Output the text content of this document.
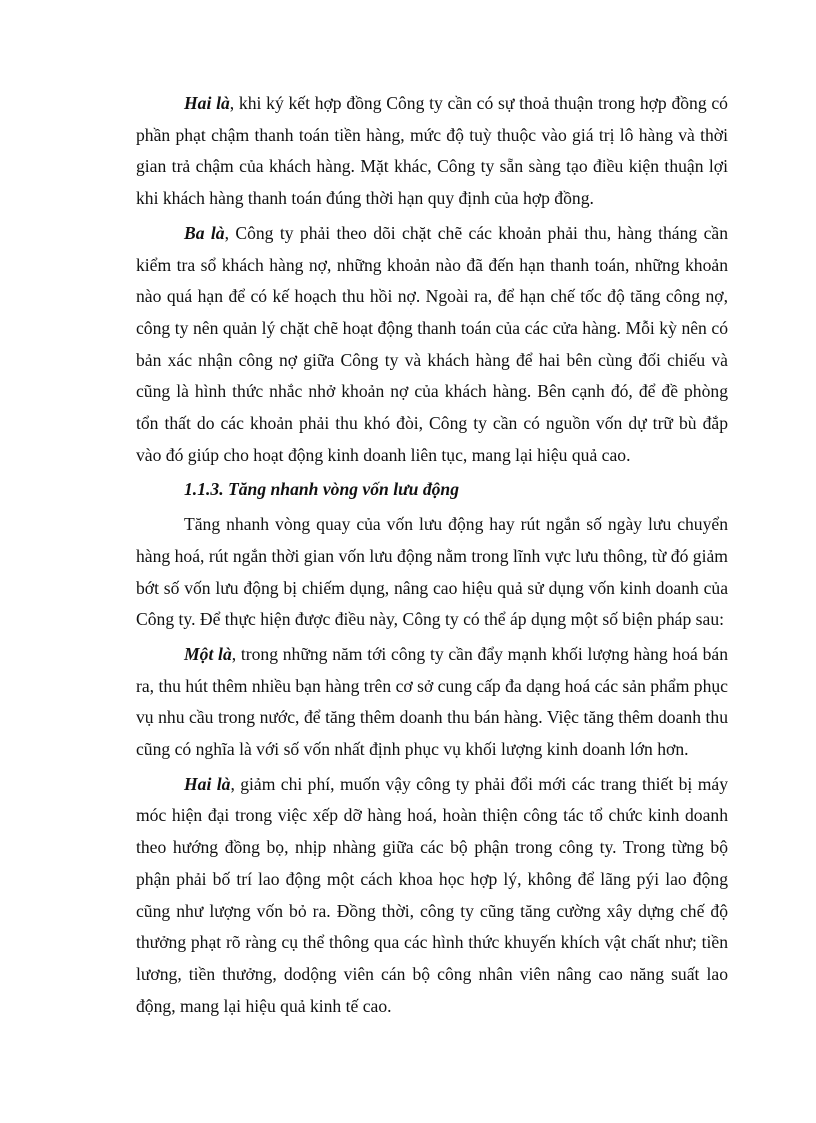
Hai là, khi ký kết hợp đồng Công ty cần có sự thoả thuận trong hợp đồng có phần phạt chậm thanh toán tiền hàng, mức độ tuỳ thuộc vào giá trị lô hàng và thời gian trả chậm của khách hàng. Mặt khác, Công ty sẵn sàng tạo điều kiện thuận lợi khi khách hàng thanh toán đúng thời hạn quy định của hợp đồng.

Ba là, Công ty phải theo dõi chặt chẽ các khoản phải thu, hàng tháng cần kiểm tra sổ khách hàng nợ, những khoản nào đã đến hạn thanh toán, những khoản nào quá hạn để có kế hoạch thu hồi nợ. Ngoài ra, để hạn chế tốc độ tăng công nợ, công ty nên quản lý chặt chẽ hoạt động thanh toán của các cửa hàng. Mỗi kỳ nên có bản xác nhận công nợ giữa Công ty và khách hàng để hai bên cùng đối chiếu và cũng là hình thức nhắc nhở khoản nợ của khách hàng. Bên cạnh đó, để đề phòng tổn thất do các khoản phải thu khó đòi, Công ty cần có nguồn vốn dự trữ bù đắp vào đó giúp cho hoạt động kinh doanh liên tục, mang lại hiệu quả cao.

1.1.3. Tăng nhanh vòng vốn lưu động

Tăng nhanh vòng quay của vốn lưu động hay rút ngắn số ngày lưu chuyển hàng hoá, rút ngắn thời gian vốn lưu động nằm trong lĩnh vực lưu thông, từ đó giảm bớt số vốn lưu động bị chiếm dụng, nâng cao hiệu quả sử dụng vốn kinh doanh của Công ty. Để thực hiện được điều này, Công ty có thể áp dụng một số biện pháp sau:

Một là, trong những năm tới công ty cần đẩy mạnh khối lượng hàng hoá bán ra, thu hút thêm nhiều bạn hàng trên cơ sở cung cấp đa dạng hoá các sản phẩm phục vụ nhu cầu trong nước, để tăng thêm doanh thu bán hàng. Việc tăng thêm doanh thu cũng có nghĩa là với số vốn nhất định phục vụ khối lượng kinh doanh lớn hơn.

Hai là, giảm chi phí, muốn vậy công ty phải đổi mới các trang thiết bị máy móc hiện đại trong việc xếp dỡ hàng hoá, hoàn thiện công tác tổ chức kinh doanh theo hướng đồng bọ, nhịp nhàng giữa các bộ phận trong công ty. Trong từng bộ phận phải bố trí lao động một cách khoa học hợp lý, không để lãng pýi lao động cũng như lượng vốn bỏ ra. Đồng thời, công ty cũng tăng cường xây dựng chế độ thưởng phạt rõ ràng cụ thể thông qua các hình thức khuyến khích vật chất như; tiền lương, tiền thưởng, dodộng viên cán bộ công nhân viên nâng cao năng suất lao động, mang lại hiệu quả kinh tế cao.
